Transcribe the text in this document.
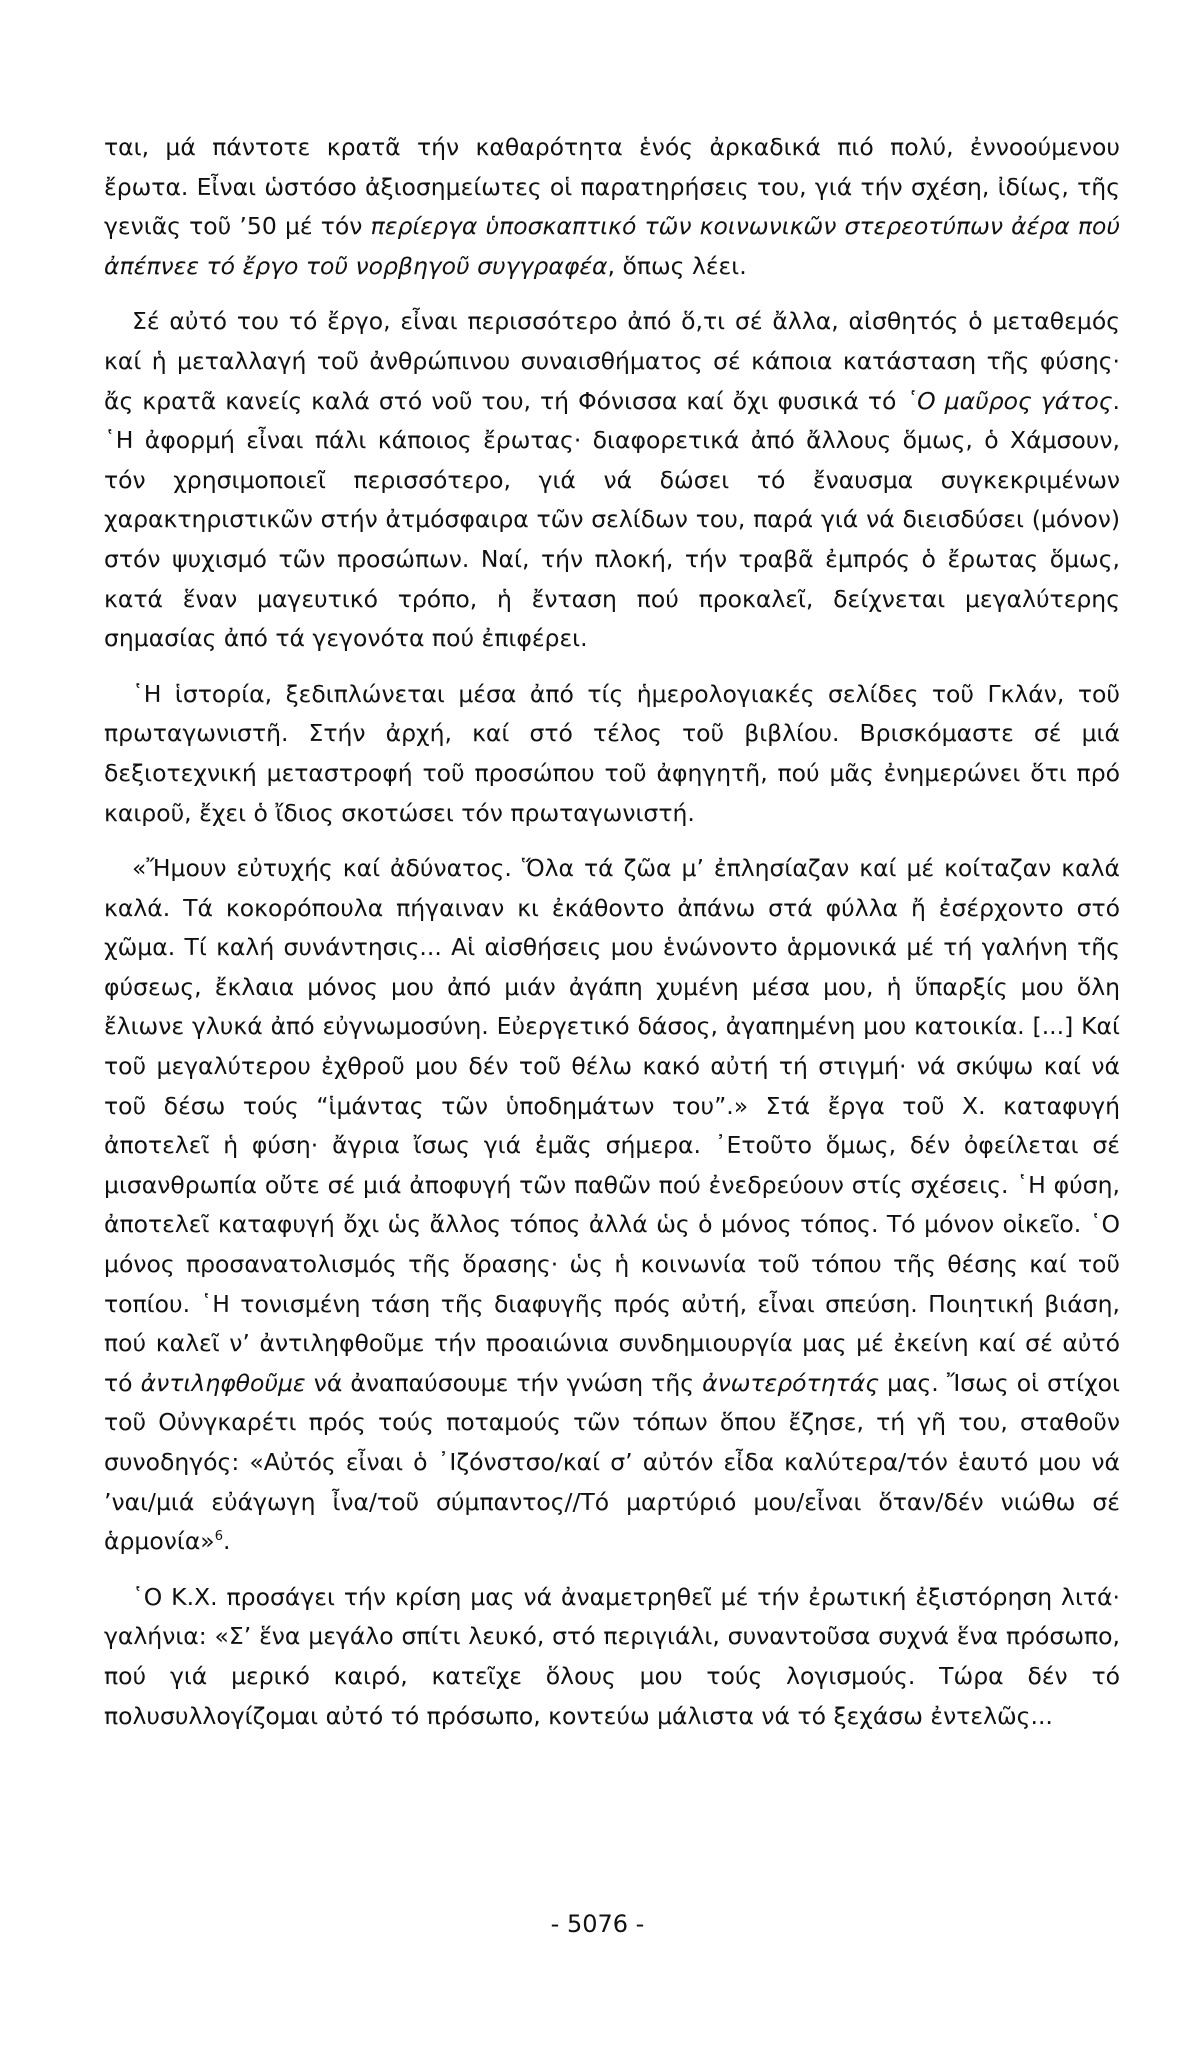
ται, μά πάντοτε κρατᾶ τήν καθαρότητα ἑνός ἀρκαδικά πιό πολύ, ἐννοούμενου ἔρωτα. Εἶναι ὡστόσο ἀξιοσημείωτες οἱ παρατηρήσεις του, γιά τήν σχέση, ἰδίως, τῆς γενιᾶς τοῦ ’50 μέ τόν περίεργα ὑποσκαπτικό τῶν κοινωνικῶν στερεοτύπων ἀέρα πού ἀπέπνεε τό ἔργο τοῦ νορβηγοῦ συγγραφέα, ὅπως λέει.

Σέ αὐτό του τό ἔργο, εἶναι περισσότερο ἀπό ὅ,τι σέ ἄλλα, αἰσθητός ὁ μεταθεμός καί ἡ μεταλλαγή τοῦ ἀνθρώπινου συναισθήματος σέ κάποια κατάσταση τῆς φύσης· ἄς κρατᾶ κανείς καλά στό νοῦ του, τή Φόνισσα καί ὄχι φυσικά τό ῾Ο μαῦρος γάτος. ῾Η ἀφορμή εἶναι πάλι κάποιος ἔρωτας· διαφορετικά ἀπό ἄλλους ὅμως, ὁ Χάμσουν, τόν χρησιμοποιεῖ περισσότερο, γιά νά δώσει τό ἔναυσμα συγκεκριμένων χαρακτηριστικῶν στήν ἀτμόσφαιρα τῶν σελίδων του, παρά γιά νά διεισδύσει (μόνον) στόν ψυχισμό τῶν προσώπων. Ναί, τήν πλοκή, τήν τραβᾶ ἐμπρός ὁ ἔρωτας ὅμως, κατά ἕναν μαγευτικό τρόπο, ἡ ἔνταση πού προκαλεῖ, δείχνεται μεγαλύτερης σημασίας ἀπό τά γεγονότα πού ἐπιφέρει.

῾Η ἱστορία, ξεδιπλώνεται μέσα ἀπό τίς ἡμερολογιακές σελίδες τοῦ Γκλάν, τοῦ πρωταγωνιστῆ. Στήν ἀρχή, καί στό τέλος τοῦ βιβλίου. Βρισκόμαστε σέ μιά δεξιοτεχνική μεταστροφή τοῦ προσώπου τοῦ ἀφηγητῆ, πού μᾶς ἐνημερώνει ὅτι πρό καιροῦ, ἔχει ὁ ἴδιος σκοτώσει τόν πρωταγωνιστή.

«Ἤμουν εὐτυχής καί ἀδύνατος. Ὅλα τά ζῶα μ’ ἐπλησίαζαν καί μέ κοίταζαν καλά καλά. Τά κοκορόπουλα πήγαιναν κι ἐκάθοντο ἀπάνω στά φύλλα ἤ ἐσέρχοντο στό χῶμα. Τί καλή συνάντησις... Αἱ αἰσθήσεις μου ἑνώνοντο ἁρμονικά μέ τή γαλήνη τῆς φύσεως, ἔκλαια μόνος μου ἀπό μιάν ἀγάπη χυμένη μέσα μου, ἡ ὕπαρξίς μου ὅλη ἔλιωνε γλυκά ἀπό εὐγνωμοσύνη. Εὐεργετικό δάσος, ἀγαπημένη μου κατοικία. [...] Καί τοῦ μεγαλύτερου ἐχθροῦ μου δέν τοῦ θέλω κακό αὐτή τή στιγμή· νά σκύψω καί νά τοῦ δέσω τούς “ἱμάντας τῶν ὑποδημάτων του”.» Στά ἔργα τοῦ Χ. καταφυγή ἀποτελεῖ ἡ φύση· ἄγρια ἴσως γιά ἐμᾶς σήμερα. ᾿Ετοῦτο ὅμως, δέν ὀφείλεται σέ μισανθρωπία οὔτε σέ μιά ἀποφυγή τῶν παθῶν πού ἐνεδρεύουν στίς σχέσεις. ῾Η φύση, ἀποτελεῖ καταφυγή ὄχι ὡς ἄλλος τόπος ἀλλά ὡς ὁ μόνος τόπος. Τό μόνον οἰκεῖο. ῾Ο μόνος προσανατολισμός τῆς ὅρασης· ὡς ἡ κοινωνία τοῦ τόπου τῆς θέσης καί τοῦ τοπίου. ῾Η τονισμένη τάση τῆς διαφυγῆς πρός αὐτή, εἶναι σπεύση. Ποιητική βιάση, πού καλεῖ ν’ ἀντιληφθοῦμε τήν προαιώνια συνδημιουργία μας μέ ἐκείνη καί σέ αὐτό τό ἀντιληφθοῦμε νά ἀναπαύσουμε τήν γνώση τῆς ἀνωτερότητάς μας. Ἴσως οἱ στίχοι τοῦ Οὐνγκαρέτι πρός τούς ποταμούς τῶν τόπων ὅπου ἔζησε, τή γῆ του, σταθοῦν συνοδηγός: «Αὐτός εἶναι ὁ ᾿Ιζόνστσο/καί σ’ αὐτόν εἶδα καλύτερα/τόν ἑαυτό μου νά ’ναι/μιά εὐάγωγη ἶνα/τοῦ σύμπαντος//Τό μαρτύριό μου/εἶναι ὅταν/δέν νιώθω σέ ἁρμονία»$^6$.

῾Ο Κ.Χ. προσάγει τήν κρίση μας νά ἀναμετρηθεῖ μέ τήν ἐρωτική ἐξιστόρηση λιτά· γαλήνια: «Σ’ ἕνα μεγάλο σπίτι λευκό, στό περιγιάλι, συναντοῦσα συχνά ἕνα πρόσωπο, πού γιά μερικό καιρό, κατεῖχε ὅλους μου τούς λογισμούς. Τώρα δέν τό πολυσυλλογίζομαι αὐτό τό πρόσωπο, κοντεύω μάλιστα νά τό ξεχάσω ἐντελῶς...

- 5076 -
